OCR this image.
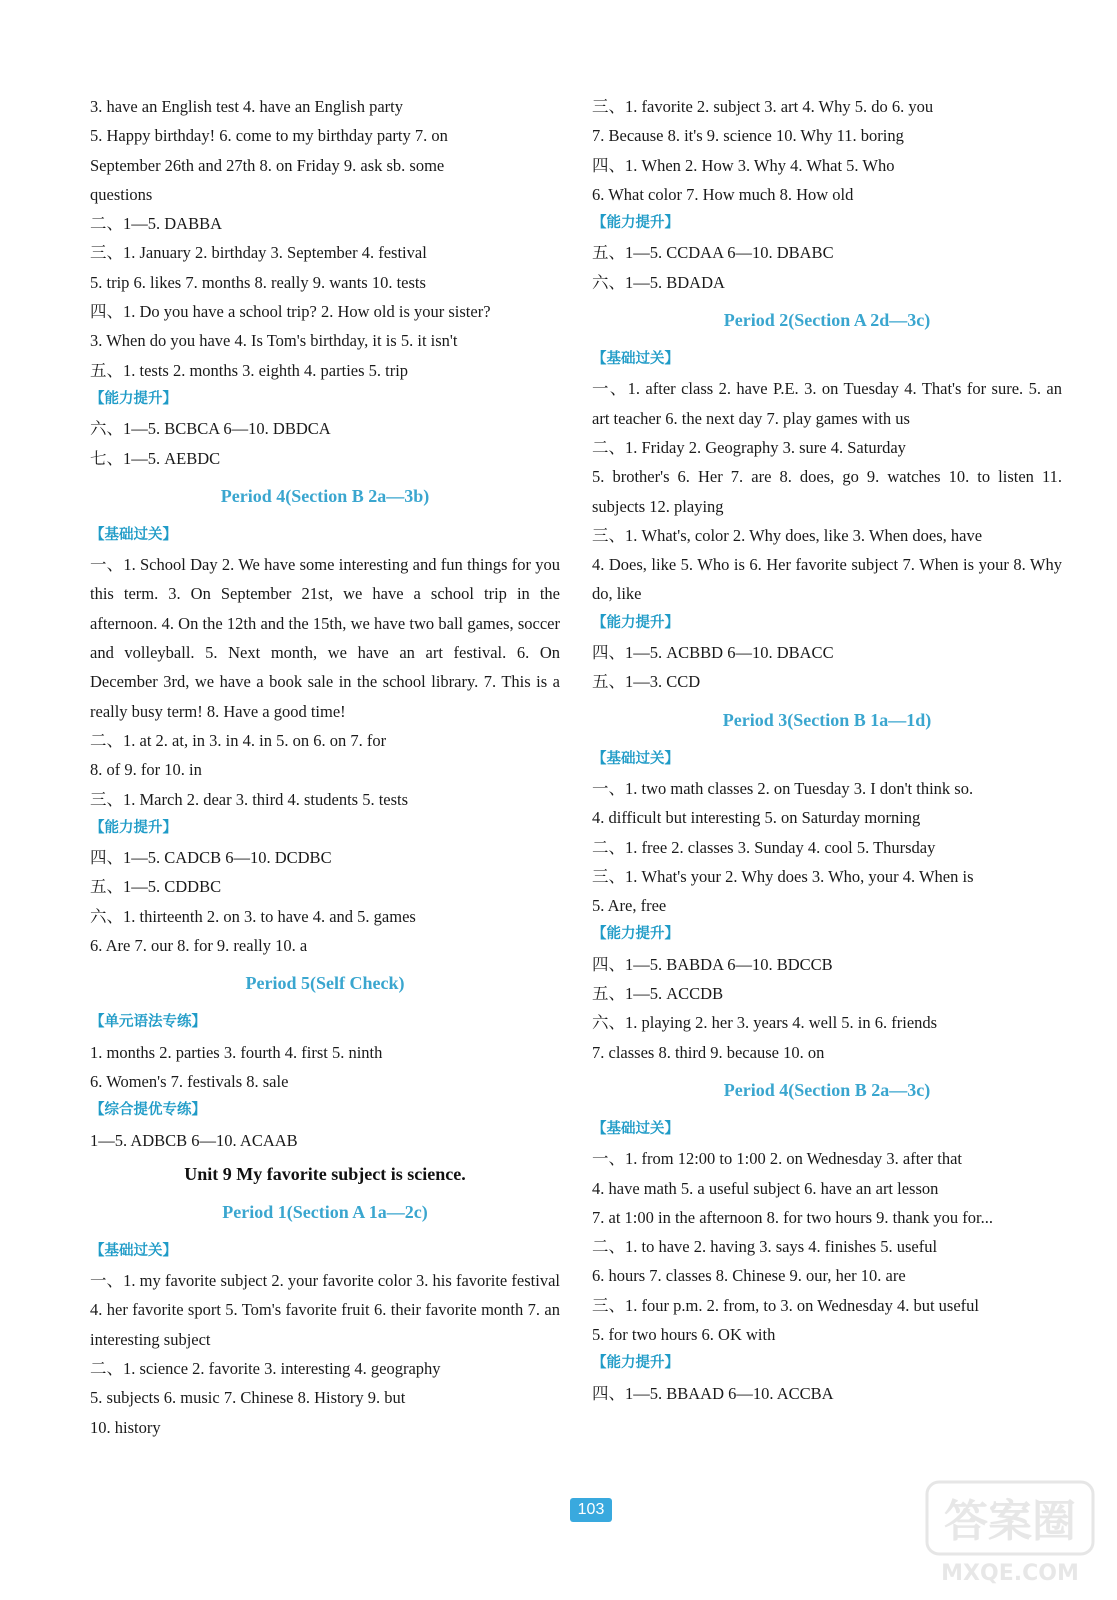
3. have an English test 4. have an English party
5. Happy birthday! 6. come to my birthday party 7. on
September 26th and 27th 8. on Friday 9. ask sb. some
questions
二、1—5. DABBA
三、1. January 2. birthday 3. September 4. festival
5. trip 6. likes 7. months 8. really 9. wants 10. tests
四、1. Do you have a school trip? 2. How old is your sister?
3. When do you have 4. Is Tom's birthday, it is 5. it isn't
五、1. tests 2. months 3. eighth 4. parties 5. trip
【能力提升】
六、1—5. BCBCA 6—10. DBDCA
七、1—5. AEBDC
Period 4(Section B 2a—3b)
【基础过关】
一、1. School Day 2. We have some interesting and fun things for you this term. 3. On September 21st, we have a school trip in the afternoon. 4. On the 12th and the 15th, we have two ball games, soccer and volleyball. 5. Next month, we have an art festival. 6. On December 3rd, we have a book sale in the school library. 7. This is a really busy term! 8. Have a good time!
二、1. at 2. at, in 3. in 4. in 5. on 6. on 7. for
8. of 9. for 10. in
三、1. March 2. dear 3. third 4. students 5. tests
【能力提升】
四、1—5. CADCB 6—10. DCDBC
五、1—5. CDDBC
六、1. thirteenth 2. on 3. to have 4. and 5. games
6. Are 7. our 8. for 9. really 10. a
Period 5(Self Check)
【单元语法专练】
1. months 2. parties 3. fourth 4. first 5. ninth
6. Women's 7. festivals 8. sale
【综合提优专练】
1—5. ADBCB 6—10. ACAAB
Unit 9 My favorite subject is science.
Period 1(Section A 1a—2c)
【基础过关】
一、1. my favorite subject 2. your favorite color 3. his favorite festival 4. her favorite sport 5. Tom's favorite fruit 6. their favorite month 7. an interesting subject
二、1. science 2. favorite 3. interesting 4. geography
5. subjects 6. music 7. Chinese 8. History 9. but
10. history
三、1. favorite 2. subject 3. art 4. Why 5. do 6. you
7. Because 8. it's 9. science 10. Why 11. boring
四、1. When 2. How 3. Why 4. What 5. Who
6. What color 7. How much 8. How old
【能力提升】
五、1—5. CCDAA 6—10. DBABC
六、1—5. BDADA
Period 2(Section A 2d—3c)
【基础过关】
一、1. after class 2. have P.E. 3. on Tuesday 4. That's for sure. 5. an art teacher 6. the next day 7. play games with us
二、1. Friday 2. Geography 3. sure 4. Saturday
5. brother's 6. Her 7. are 8. does, go 9. watches 10. to listen 11. subjects 12. playing
三、1. What's, color 2. Why does, like 3. When does, have
4. Does, like 5. Who is 6. Her favorite subject 7. When is your 8. Why do, like
【能力提升】
四、1—5. ACBBD 6—10. DBACC
五、1—3. CCD
Period 3(Section B 1a—1d)
【基础过关】
一、1. two math classes 2. on Tuesday 3. I don't think so.
4. difficult but interesting 5. on Saturday morning
二、1. free 2. classes 3. Sunday 4. cool 5. Thursday
三、1. What's your 2. Why does 3. Who, your 4. When is
5. Are, free
【能力提升】
四、1—5. BABDA 6—10. BDCCB
五、1—5. ACCDB
六、1. playing 2. her 3. years 4. well 5. in 6. friends
7. classes 8. third 9. because 10. on
Period 4(Section B 2a—3c)
【基础过关】
一、1. from 12:00 to 1:00 2. on Wednesday 3. after that
4. have math 5. a useful subject 6. have an art lesson
7. at 1:00 in the afternoon 8. for two hours 9. thank you for...
二、1. to have 2. having 3. says 4. finishes 5. useful
6. hours 7. classes 8. Chinese 9. our, her 10. are
三、1. four p.m. 2. from, to 3. on Wednesday 4. but useful
5. for two hours 6. OK with
【能力提升】
四、1—5. BBAAD 6—10. ACCBA
103	答案圈
MXQE.COM
